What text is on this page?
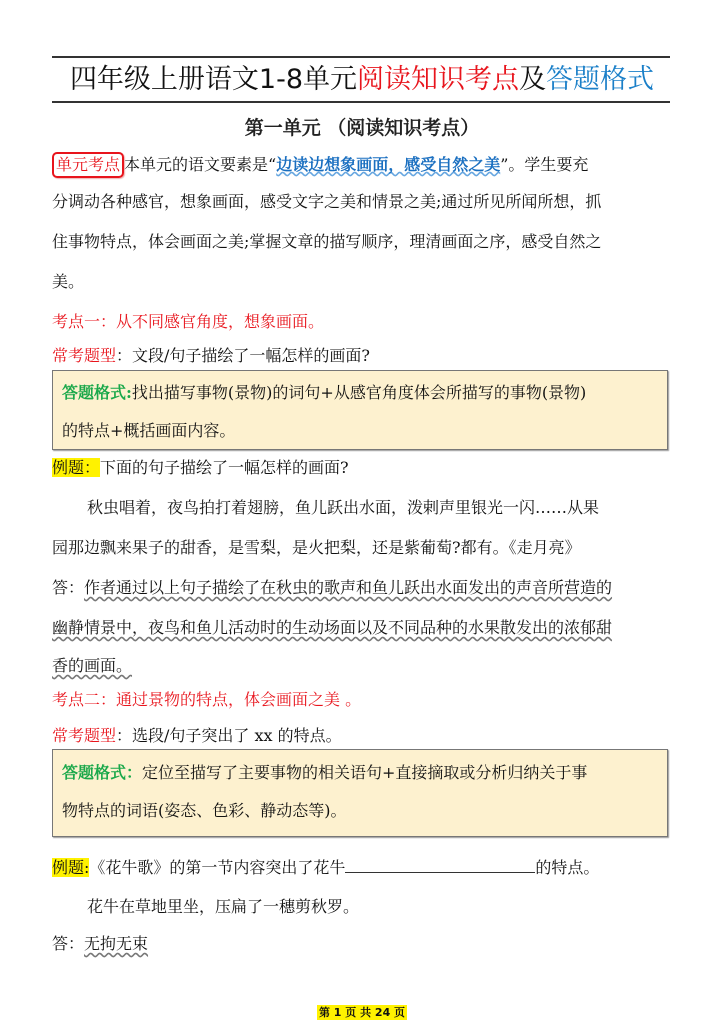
四年级上册语文1-8单元阅读知识考点及答题格式
第一单元 （阅读知识考点）
单元考点 本单元的语文要素是“边读边想象画面，感受自然之美”。学生要充
分调动各种感官，想象画面，感受文字之美和情景之美;通过所见所闻所想，抓
住事物特点，体会画面之美;掌握文章的描写顺序，理清画面之序，感受自然之
美。
考点一：从不同感官角度，想象画面。
常考题型：文段/句子描绘了一幅怎样的画面?
答题格式:找出描写事物(景物)的词句+从感官角度体会所描写的事物(景物)
的特点+概括画面内容。
例题：下面的句子描绘了一幅怎样的画面?
秋虫唱着，夜鸟拍打着翅膀，鱼儿跃出水面，泼剌声里银光一闪……从果
园那边飘来果子的甜香，是雪梨，是火把梨，还是紫葡萄?都有。《走月亮》
答：作者通过以上句子描绘了在秋虫的歌声和鱼儿跃出水面发出的声音所营造的
幽静情景中，夜鸟和鱼儿活动时的生动场面以及不同品种的水果散发出的浓郁甜
香的画面。
考点二：通过景物的特点，体会画面之美 。
常考题型：选段/句子突出了 xx 的特点。
答题格式：定位至描写了主要事物的相关语句+直接摘取或分析归纳关于事
物特点的词语(姿态、色彩、静动态等)。
例题:《花牛歌》的第一节内容突出了花牛	的特点。
花牛在草地里坐，压扁了一穗剪秋罗。
答：无拘无束
第 1 页 共 24 页
